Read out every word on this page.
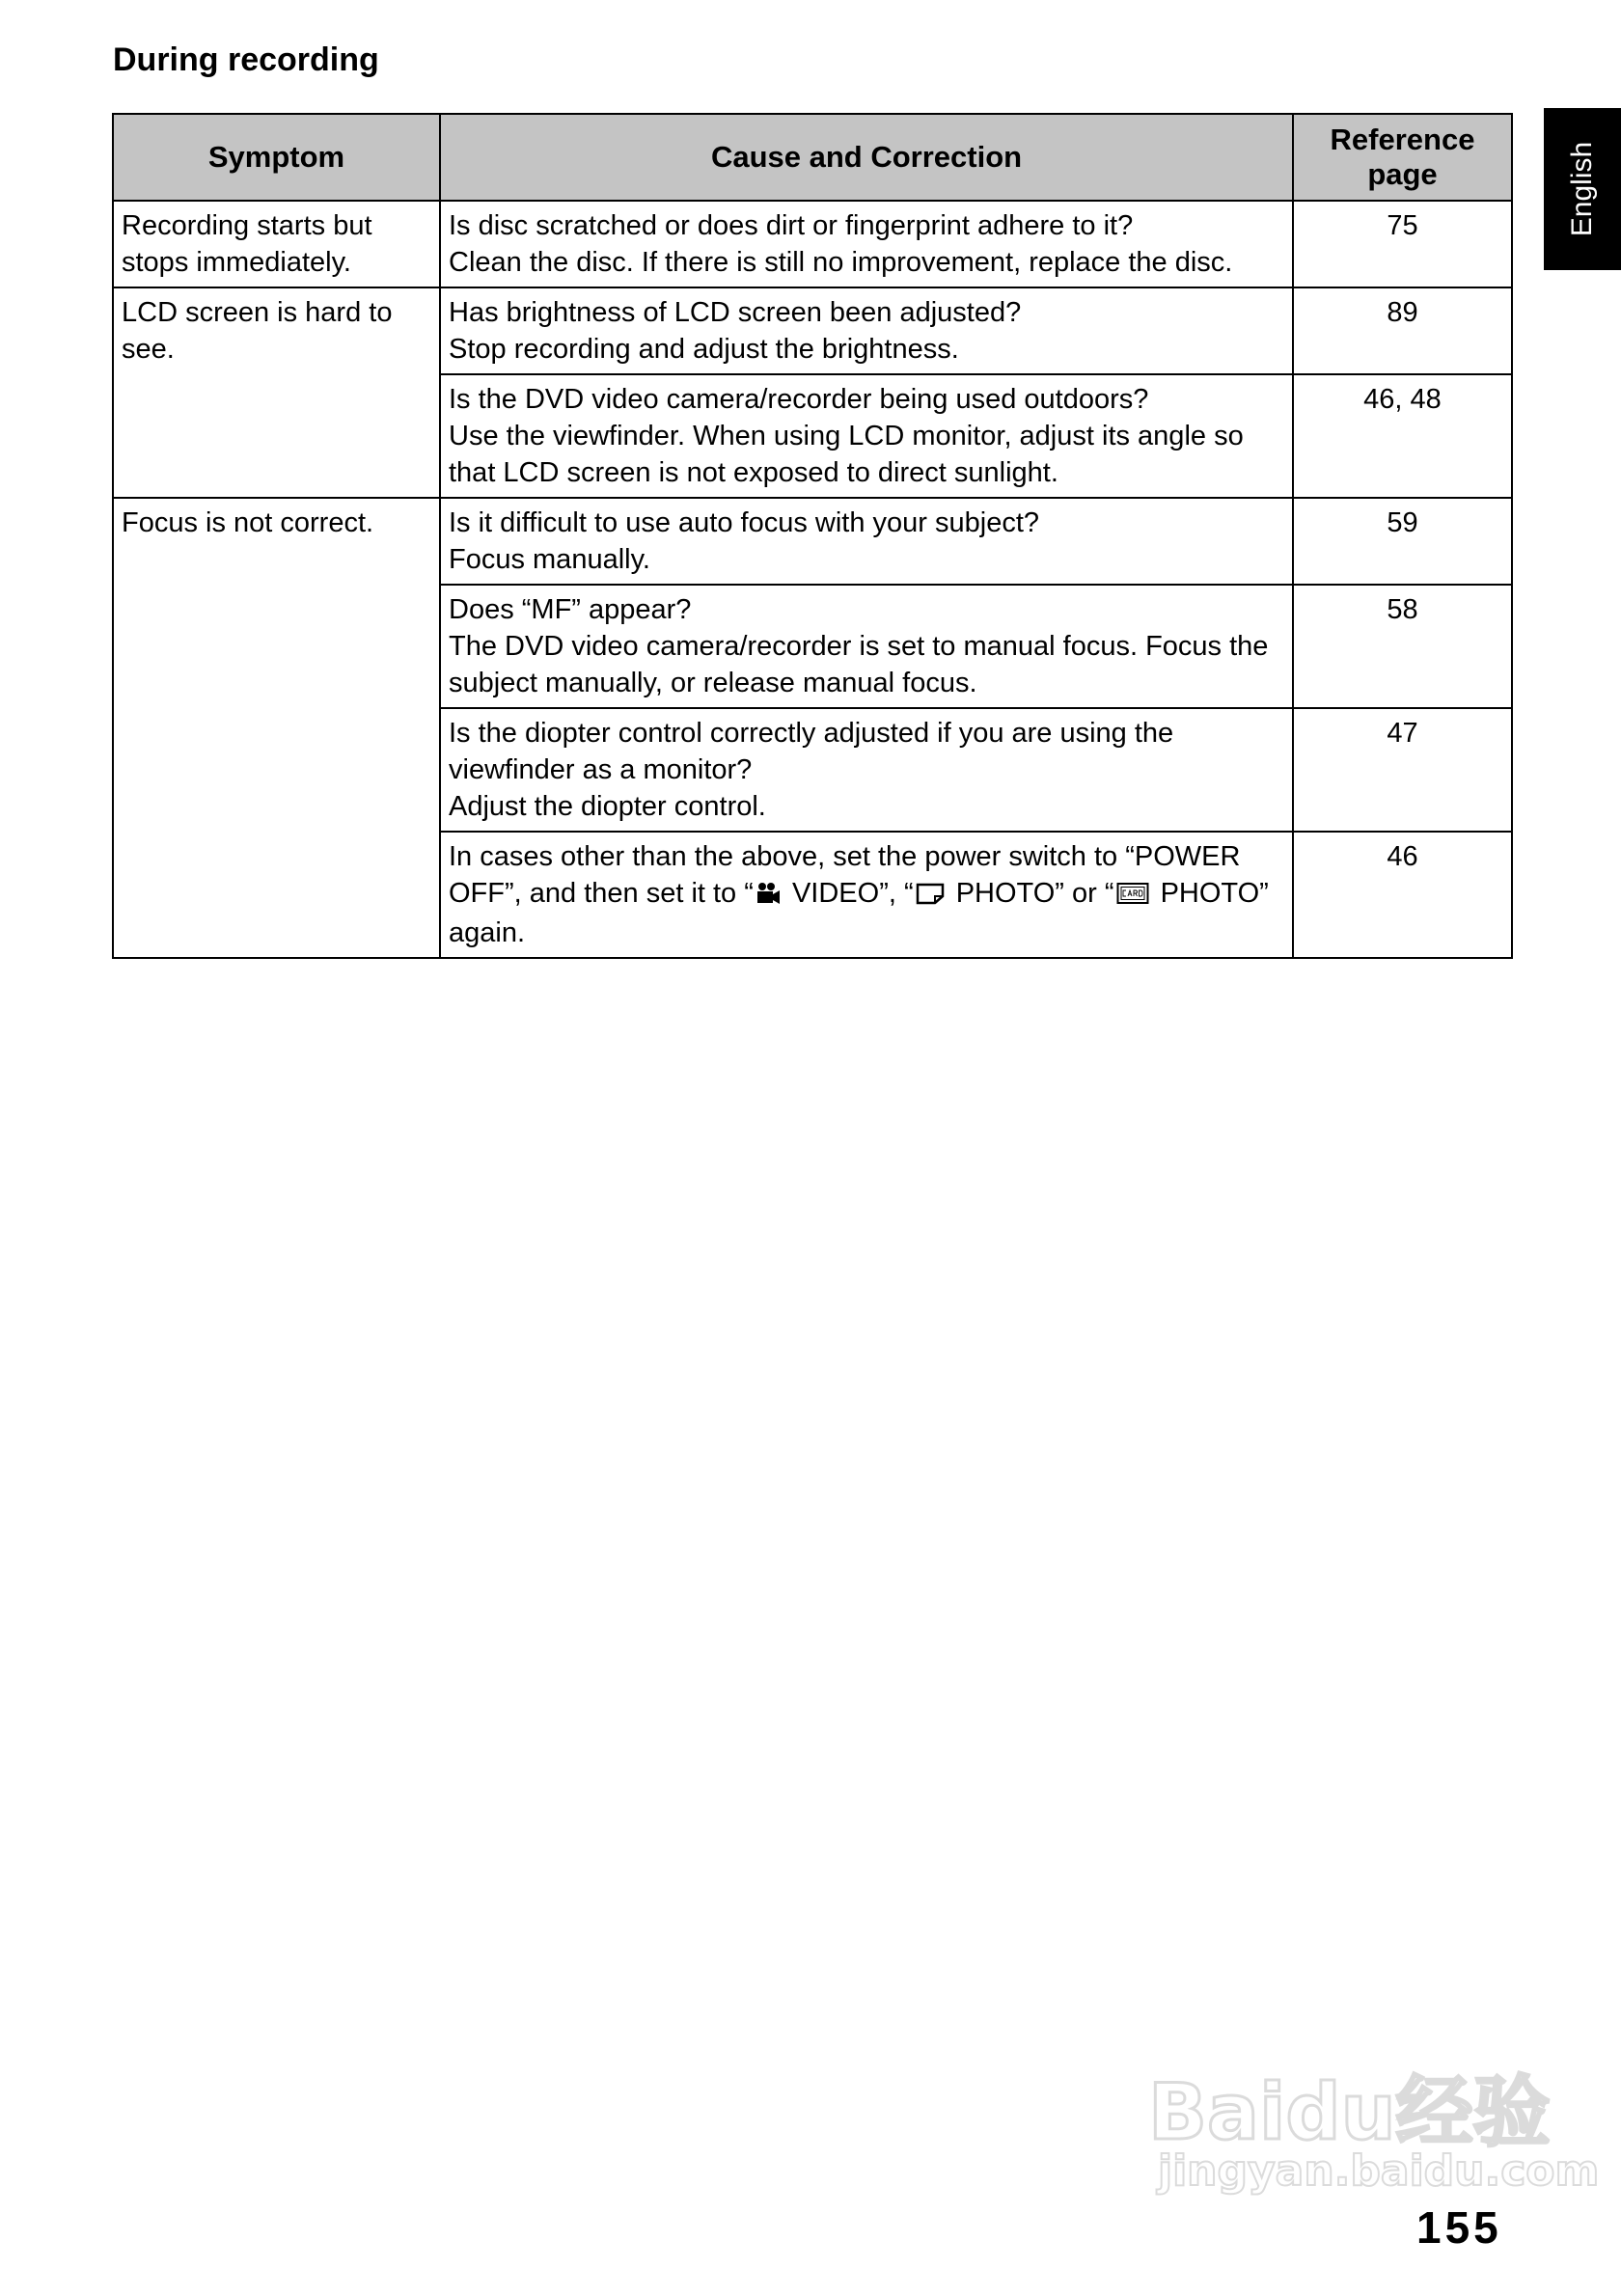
During recording
English
Symptom	Cause and Correction	Reference page
Recording starts but stops immediately.	Is disc scratched or does dirt or fingerprint adhere to it?
Clean the disc. If there is still no improvement, replace the disc.	75
LCD screen is hard to see.	Has brightness of LCD screen been adjusted?
Stop recording and adjust the brightness.	89

	Is the DVD video camera/recorder being used outdoors?
Use the viewfinder. When using LCD monitor, adjust its angle so that LCD screen is not exposed to direct sunlight.	46, 48
Focus is not correct.	Is it difficult to use auto focus with your subject?
Focus manually.	59

	Does “MF” appear?
The DVD video camera/recorder is set to manual focus. Focus the subject manually, or release manual focus.	58

	Is the diopter control correctly adjusted if you are using the viewfinder as a monitor?
Adjust the diopter control.	47
	In cases other than the above, set the power switch to “POWER OFF”, and then set it to “ VIDEO”, “ PHOTO” or “ PHOTO” again.	46
Baidu经验
jingyan.baidu.com
155
